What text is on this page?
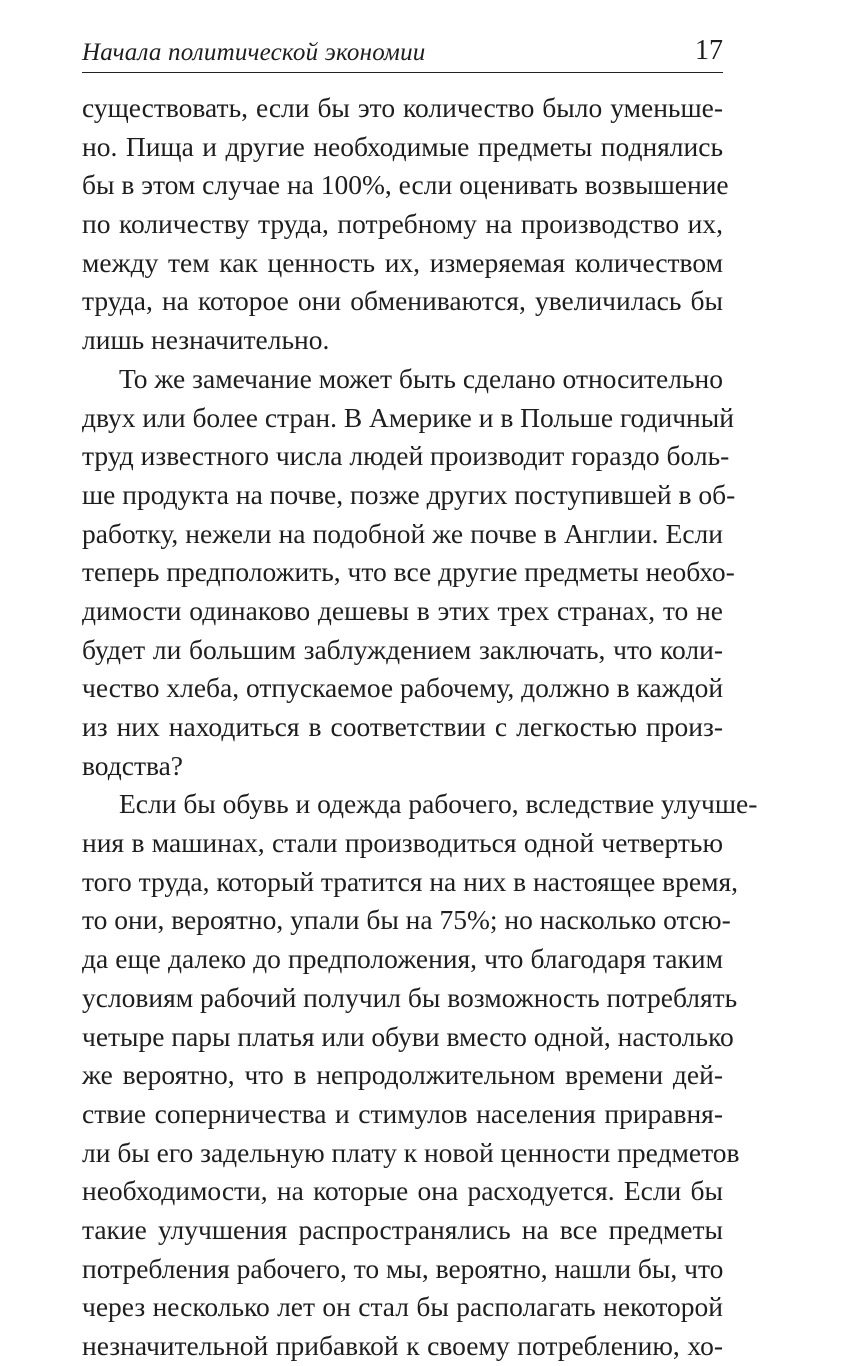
Начала политической экономии	17
существовать, если бы это количество было уменьше-
но. Пища и другие необходимые предметы поднялись
бы в этом случае на 100%, если оценивать возвышение
по количеству труда, потребному на производство их,
между тем как ценность их, измеряемая количеством
труда, на которое они обмениваются, увеличилась бы
лишь незначительно.
То же замечание может быть сделано относительно
двух или более стран. В Америке и в Польше годичный
труд известного числа людей производит гораздо боль-
ше продукта на почве, позже других поступившей в об-
работку, нежели на подобной же почве в Англии. Если
теперь предположить, что все другие предметы необхо-
димости одинаково дешевы в этих трех странах, то не
будет ли большим заблуждением заключать, что коли-
чество хлеба, отпускаемое рабочему, должно в каждой
из них находиться в соответствии с легкостью произ-
водства?
Если бы обувь и одежда рабочего, вследствие улучше-
ния в машинах, стали производиться одной четвертью
того труда, который тратится на них в настоящее время,
то они, вероятно, упали бы на 75%; но насколько отсю-
да еще далеко до предположения, что благодаря таким
условиям рабочий получил бы возможность потреблять
четыре пары платья или обуви вместо одной, настолько
же вероятно, что в непродолжительном времени дей-
ствие соперничества и стимулов населения приравня-
ли бы его задельную плату к новой ценности предметов
необходимости, на которые она расходуется. Если бы
такие улучшения распространялись на все предметы
потребления рабочего, то мы, вероятно, нашли бы, что
через несколько лет он стал бы располагать некоторой
незначительной прибавкой к своему потреблению, хо-
